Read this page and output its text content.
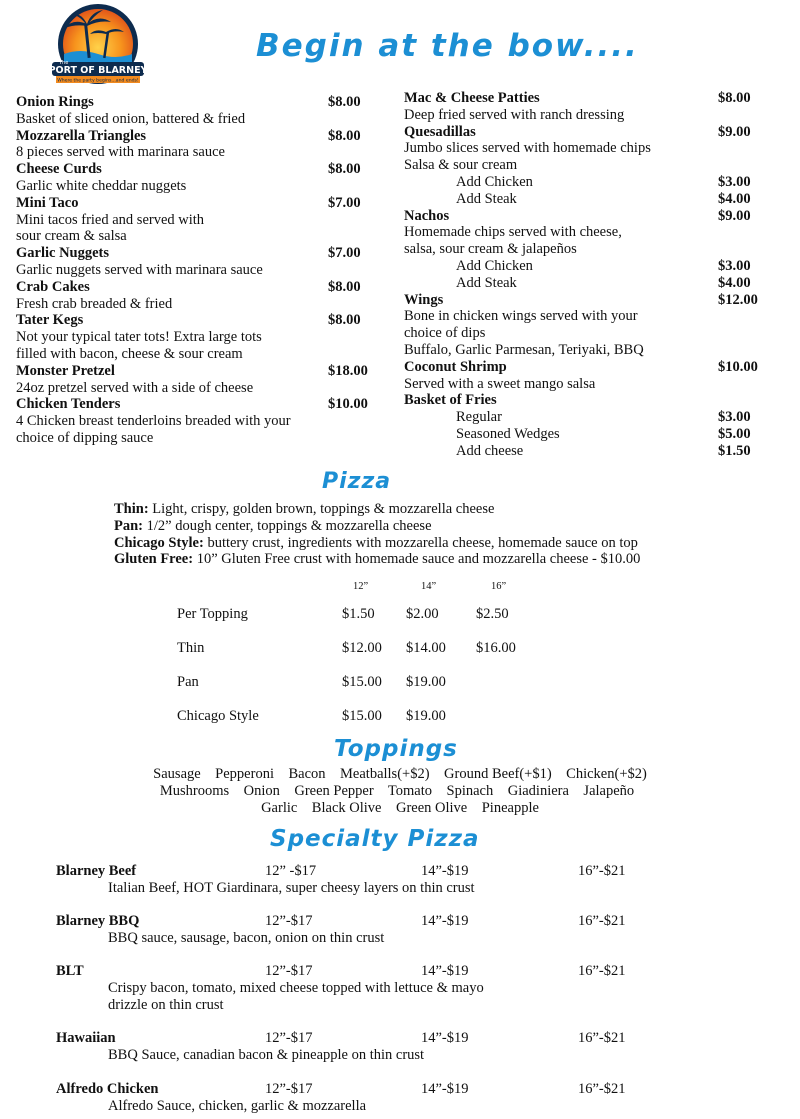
PORT OF BLARNEY
Where the party begins...and ends!
The	Begin at the bow....
Onion Rings	$8.00
Basket of sliced onion, battered & fried
Mozzarella Triangles	$8.00
8 pieces served with marinara sauce
Cheese Curds	$8.00
Garlic white cheddar nuggets
Mini Taco	$7.00
Mini tacos fried and served with
sour cream & salsa
Garlic Nuggets	$7.00
Garlic nuggets served with marinara sauce
Crab Cakes	$8.00
Fresh crab breaded & fried
Tater Kegs	$8.00
Not your typical tater tots! Extra large tots
filled with bacon, cheese & sour cream
Monster Pretzel	$18.00
24oz pretzel served with a side of cheese
Chicken Tenders	$10.00
4 Chicken breast tenderloins breaded with your
choice of dipping sauce
Mac & Cheese Patties	$8.00
Deep fried served with ranch dressing
Quesadillas	$9.00
Jumbo slices served with homemade chips
Salsa & sour cream
Add Chicken	$3.00
Add Steak	$4.00
Nachos	$9.00
Homemade chips served with cheese,
salsa, sour cream & jalapeños
Add Chicken	$3.00
Add Steak	$4.00
Wings	$12.00
Bone in chicken wings served with your
choice of dips
Buffalo, Garlic Parmesan, Teriyaki, BBQ
Coconut Shrimp	$10.00
Served with a sweet mango salsa
Basket of Fries
Regular	$3.00
Seasoned Wedges	$5.00
Add cheese	$1.50
Pizza
Thin: Light, crispy, golden brown, toppings & mozzarella cheese
Pan: 1/2” dough center, toppings & mozzarella cheese
Chicago Style: buttery crust, ingredients with mozzarella cheese, homemade sauce on top
Gluten Free: 10” Gluten Free crust with homemade sauce and mozzarella cheese - $10.00
12”	14”	16”
Per Topping	$1.50 $2.00	$2.50
Thin	$12.00 $14.00 $16.00
Pan	$15.00 $19.00
Chicago Style	$15.00 $19.00
Toppings
Sausage    Pepperoni    Bacon    Meatballs(+$2)    Ground Beef(+$1)    Chicken(+$2)
Mushrooms    Onion    Green Pepper    Tomato    Spinach    Giadiniera    Jalapeño
Garlic    Black Olive    Green Olive    Pineapple
Specialty Pizza
Blarney Beef	12” -$17	14”-$19	16”-$21
Italian Beef, HOT Giardinara, super cheesy layers on thin crust
Blarney BBQ	12”-$17	14”-$19	16”-$21
BBQ sauce, sausage, bacon, onion on thin crust
BLT	12”-$17	14”-$19	16”-$21
Crispy bacon, tomato, mixed cheese topped with lettuce & mayo
drizzle on thin crust
Hawaiian	12”-$17	14”-$19	16”-$21
BBQ Sauce, canadian bacon & pineapple on thin crust
Alfredo Chicken	12”-$17	14”-$19	16”-$21
Alfredo Sauce, chicken, garlic & mozzarella
